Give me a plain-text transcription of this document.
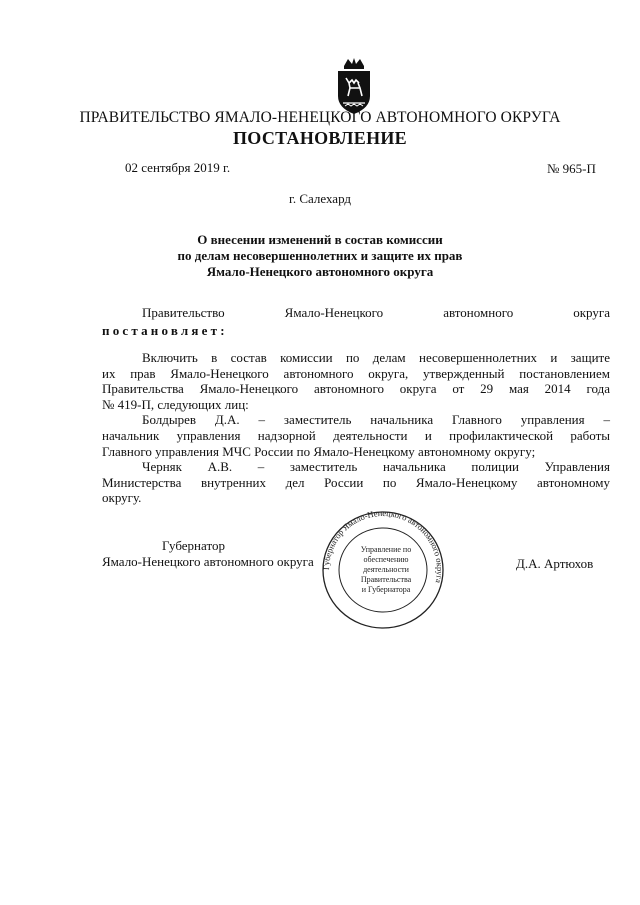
ПРАВИТЕЛЬСТВО ЯМАЛО-НЕНЕЦКОГО АВТОНОМНОГО ОКРУГА
ПОСТАНОВЛЕНИЕ
02 сентября 2019 г.	№ 965-П
г. Салехард
О внесении изменений в состав комиссии
по делам несовершеннолетних и защите их прав
Ямало-Ненецкого автономного округа
Правительство	Ямало-Ненецкого	автономного	округа
постановляет:
Включить в состав комиссии по делам несовершеннолетних и защите
их прав Ямало-Ненецкого автономного округа, утвержденный постановлением
Правительства Ямало-Ненецкого автономного округа от 29 мая 2014 года
№ 419-П, следующих лиц:
Болдырев Д.А. – заместитель начальника Главного управления –
начальник управления надзорной деятельности и профилактической работы
Главного управления МЧС России по Ямало-Ненецкому автономному округу;
Черняк А.В. – заместитель начальника полиции Управления
Министерства внутренних дел России по Ямало-Ненецкому автономному
округу.
Губернатор Ямало-Ненецкого автономного округа
Управление по
обеспечению
деятельности
Правительства
и Губернатора
Губернатор
Ямало-Ненецкого автономного округа	Д.А. Артюхов
